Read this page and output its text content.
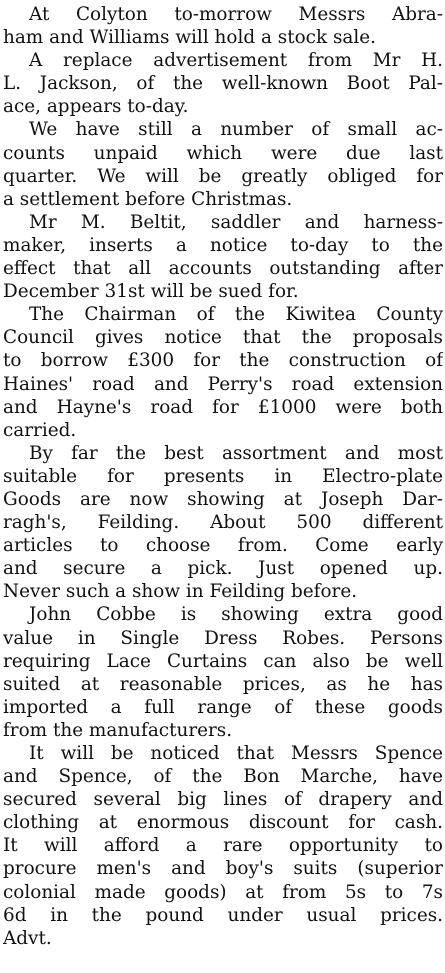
At Colyton to-morrow Messrs Abra-
ham and Williams will hold a stock sale.
A replace advertisement from Mr H.
L. Jackson, of the well-known Boot Pal-
ace, appears to-day.
We have still a number of small ac-
counts unpaid which were due last
quarter. We will be greatly obliged for
a settlement before Christmas.
Mr M. Beltit, saddler and harness-
maker, inserts a notice to-day to the
effect that all accounts outstanding after
December 31st will be sued for.
The Chairman of the Kiwitea County
Council gives notice that the proposals
to borrow £300 for the construction of
Haines' road and Perry's road extension
and Hayne's road for £1000 were both
carried.
By far the best assortment and most
suitable for presents in Electro-plate
Goods are now showing at Joseph Dar-
ragh's, Feilding. About 500 different
articles to choose from. Come early
and secure a pick. Just opened up.
Never such a show in Feilding before.
John Cobbe is showing extra good
value in Single Dress Robes. Persons
requiring Lace Curtains can also be well
suited at reasonable prices, as he has
imported a full range of these goods
from the manufacturers.
It will be noticed that Messrs Spence
and Spence, of the Bon Marche, have
secured several big lines of drapery and
clothing at enormous discount for cash.
It will afford a rare opportunity to
procure men's and boy's suits (superior
colonial made goods) at from 5s to 7s
6d in the pound under usual prices.
Advt.
